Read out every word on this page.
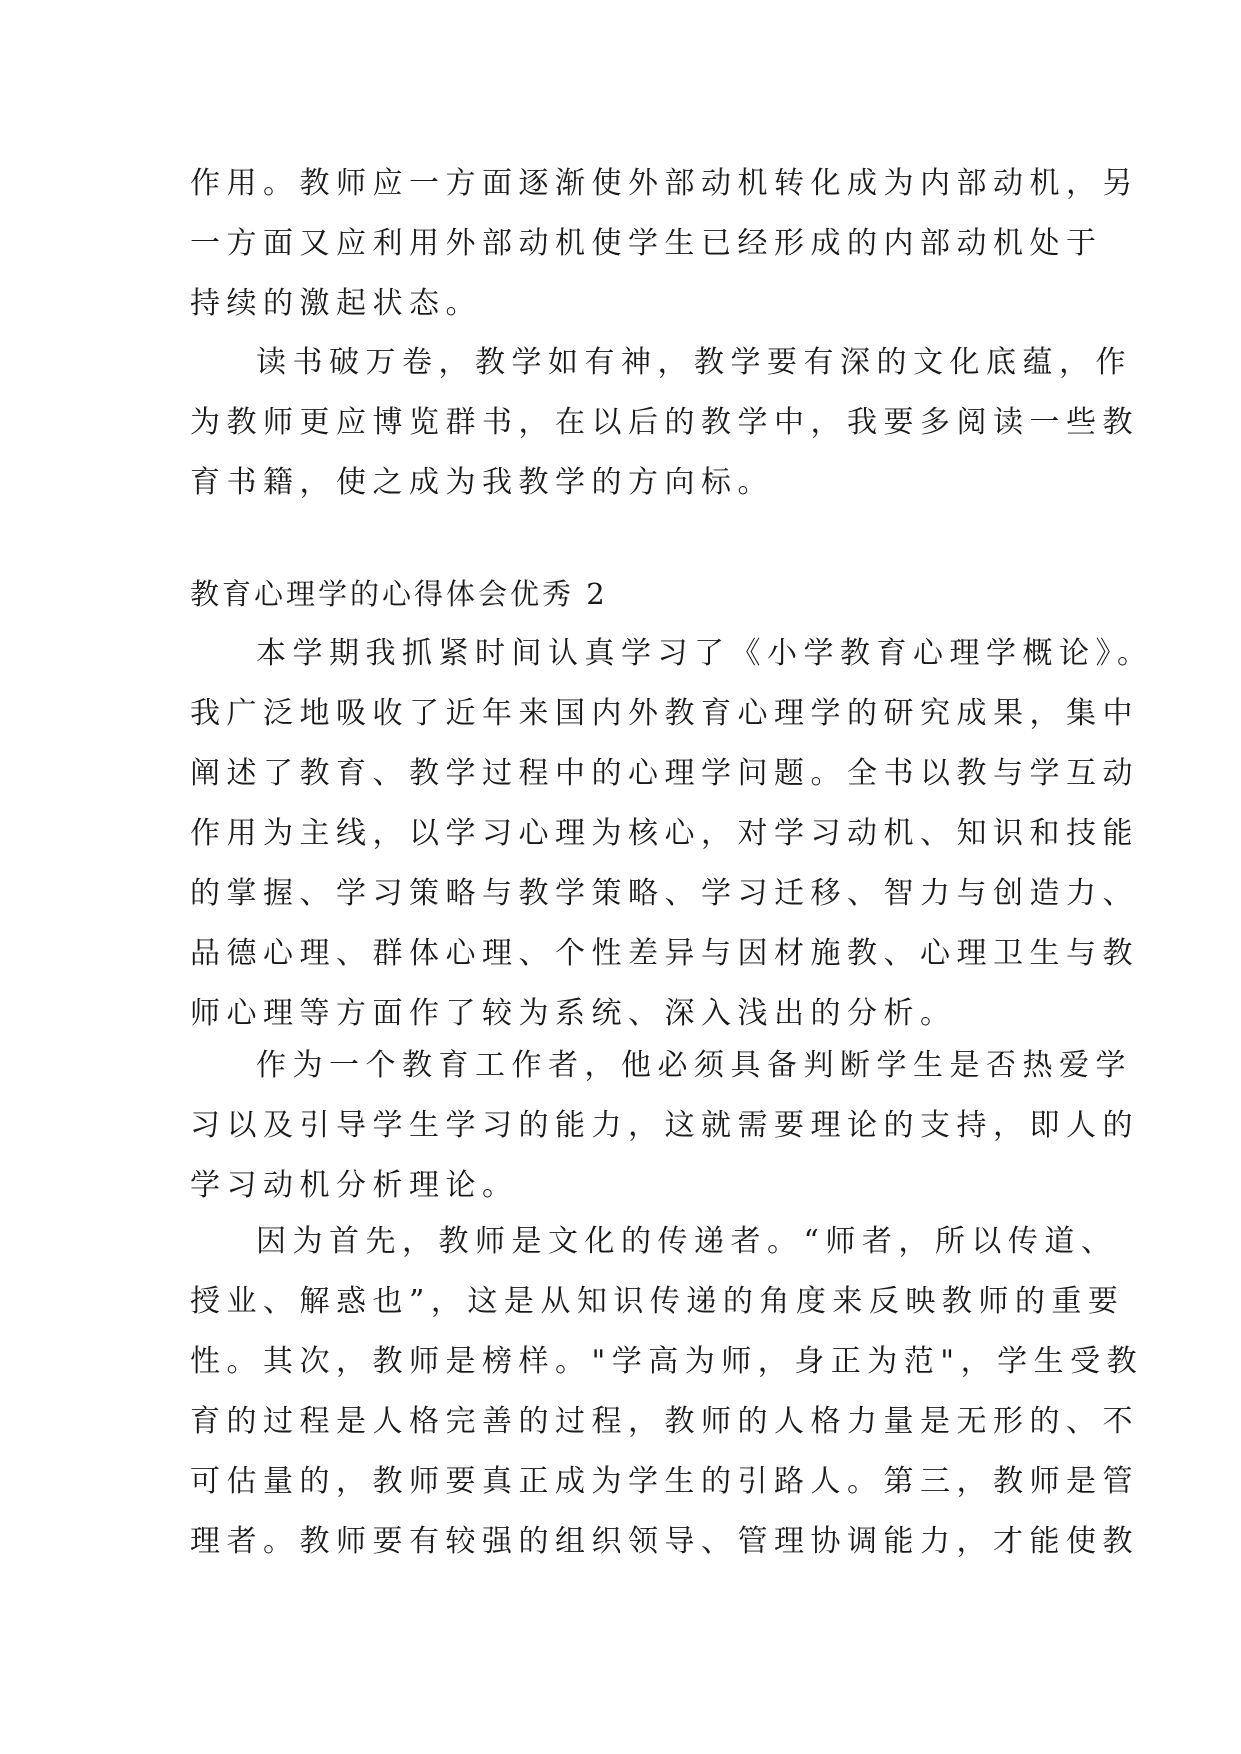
作用。教师应一方面逐渐使外部动机转化成为内部动机，另
一方面又应利用外部动机使学生已经形成的内部动机处于
持续的激起状态。
读书破万卷，教学如有神，教学要有深的文化底蕴，作
为教师更应博览群书，在以后的教学中，我要多阅读一些教
育书籍，使之成为我教学的方向标。
教育心理学的心得体会优秀 2
本学期我抓紧时间认真学习了《小学教育心理学概论》。
我广泛地吸收了近年来国内外教育心理学的研究成果，集中
阐述了教育、教学过程中的心理学问题。全书以教与学互动
作用为主线，以学习心理为核心，对学习动机、知识和技能
的掌握、学习策略与教学策略、学习迁移、智力与创造力、
品德心理、群体心理、个性差异与因材施教、心理卫生与教
师心理等方面作了较为系统、深入浅出的分析。
作为一个教育工作者，他必须具备判断学生是否热爱学
习以及引导学生学习的能力，这就需要理论的支持，即人的
学习动机分析理论。
因为首先，教师是文化的传递者。“师者，所以传道、
授业、解惑也”，这是从知识传递的角度来反映教师的重要
性。其次，教师是榜样。"学高为师，身正为范"，学生受教
育的过程是人格完善的过程，教师的人格力量是无形的、不
可估量的，教师要真正成为学生的引路人。第三，教师是管
理者。教师要有较强的组织领导、管理协调能力，才能使教
